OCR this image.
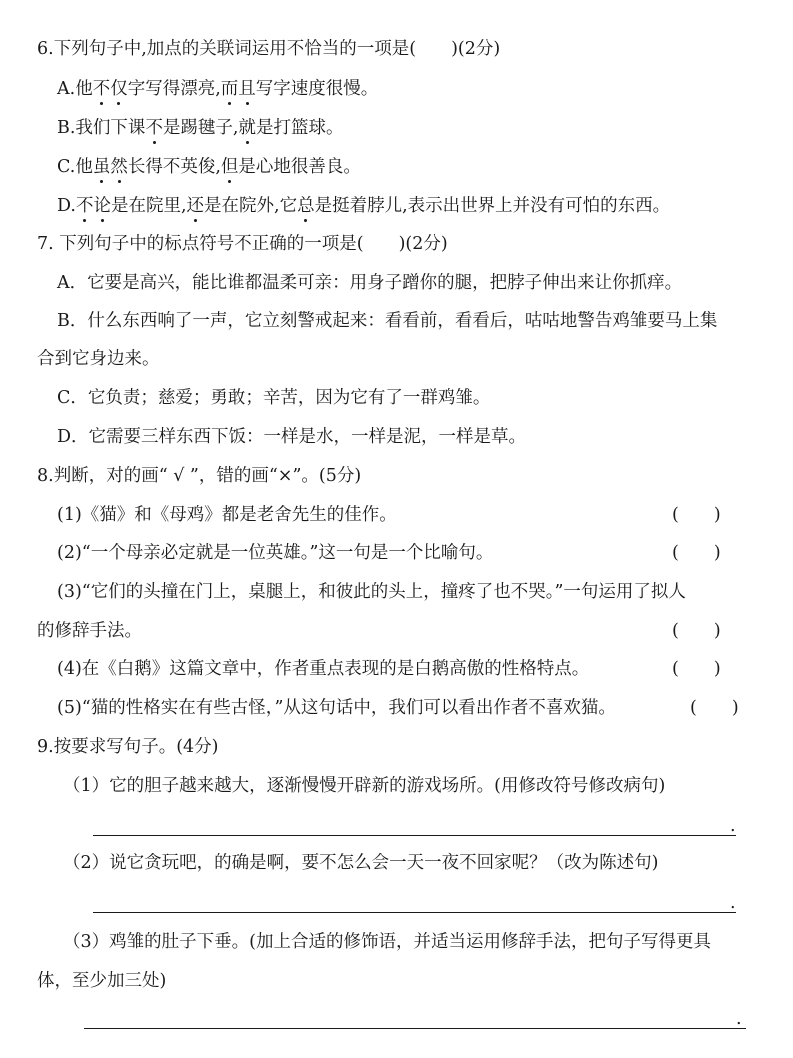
6.下列句子中,加点的关联词运用不恰当的一项是(　　)(2分)
A.他不仅字写得漂亮,而且写字速度很慢。
B.我们下课不是踢毽子,就是打篮球。
C.他虽然长得不英俊,但是心地很善良。
D.不论是在院里,还是在院外,它总是挺着脖儿,表示出世界上并没有可怕的东西。
7. 下列句子中的标点符号不正确的一项是(　　)(2分)
A．它要是高兴，能比谁都温柔可亲：用身子蹭你的腿，把脖子伸出来让你抓痒。
B．什么东西响了一声，它立刻警戒起来：看看前，看看后，咕咕地警告鸡雏要马上集
合到它身边来。
C．它负责；慈爱；勇敢；辛苦，因为它有了一群鸡雏。
D．它需要三样东西下饭：一样是水，一样是泥，一样是草。
8.判断，对的画“ √ ”，错的画“×”。(5分)
(1)《猫》和《母鸡》都是老舍先生的佳作。	(　　)
(2)“一个母亲必定就是一位英雄。”这一句是一个比喻句。	(　　)
(3)“它们的头撞在门上，桌腿上，和彼此的头上，撞疼了也不哭。”一句运用了拟人
的修辞手法。	(　　)
(4)在《白鹅》这篇文章中，作者重点表现的是白鹅高傲的性格特点。	(　　)
(5)“猫的性格实在有些古怪，”从这句话中，我们可以看出作者不喜欢猫。	(　　)
9.按要求写句子。(4分)
（1）它的胆子越来越大，逐渐慢慢开辟新的游戏场所。(用修改符号修改病句)
.
（2）说它贪玩吧，的确是啊，要不怎么会一天一夜不回家呢？（改为陈述句)
.
（3）鸡雏的肚子下垂。(加上合适的修饰语，并适当运用修辞手法，把句子写得更具
体，至少加三处)
.
